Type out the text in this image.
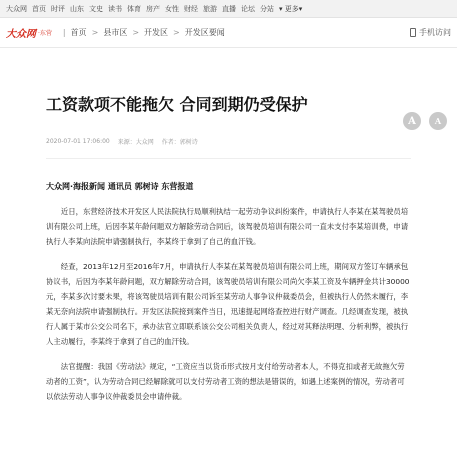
大众网 首页 时评 山东 文史 读书 体育 房产 女性 财经 旅游 直播 论坛 分站 ▾ 更多▾
大众网 ·东营 | 首页 > 县市区 > 开发区 > 开发区要闻	手机访问
工资款项不能拖欠 合同到期仍受保护
2020-07-01 17:06:00 来源：大众网 作者：郭树诗
A	A
大众网·海报新闻 通讯员 郭树诗 东营报道

近日，东营经济技术开发区人民法院执行局顺利执结一起劳动争议纠纷案件，申请执行人李某在某驾驶员培训有限公司上班，后因李某年龄问题双方解除劳动合同后，该驾驶员培训有限公司一直未支付李某培训费，申请执行人李某向法院申请强制执行，李某终于拿到了自己的血汗钱。

经查，2013年12月至2016年7月，申请执行人李某在某驾驶员培训有限公司上班，期间双方签订车辆承包协议书，后因为李某年龄问题，双方解除劳动合同，该驾驶员培训有限公司尚欠李某工资及车辆押金共计30000元，李某多次讨要未果，将该驾驶员培训有限公司诉至某劳动人事争议仲裁委员会，但被执行人仍然未履行，李某无奈向法院申请强制执行。开发区法院接到案件当日，迅速提起网络查控进行财产调查。几经调查发现，被执行人属于某市公交公司名下，承办法官立即联系该公交公司相关负责人，经过对其释法明理、分析利弊，被执行人主动履行，李某终于拿到了自己的血汗钱。

法官提醒：我国《劳动法》规定，“工资应当以货币形式按月支付给劳动者本人，不得克扣或者无故拖欠劳动者的工资”，认为劳动合同已经解除就可以支付劳动者工资的想法是错误的，如遇上述案例的情况，劳动者可以依法劳动人事争议仲裁委员会申请仲裁。
